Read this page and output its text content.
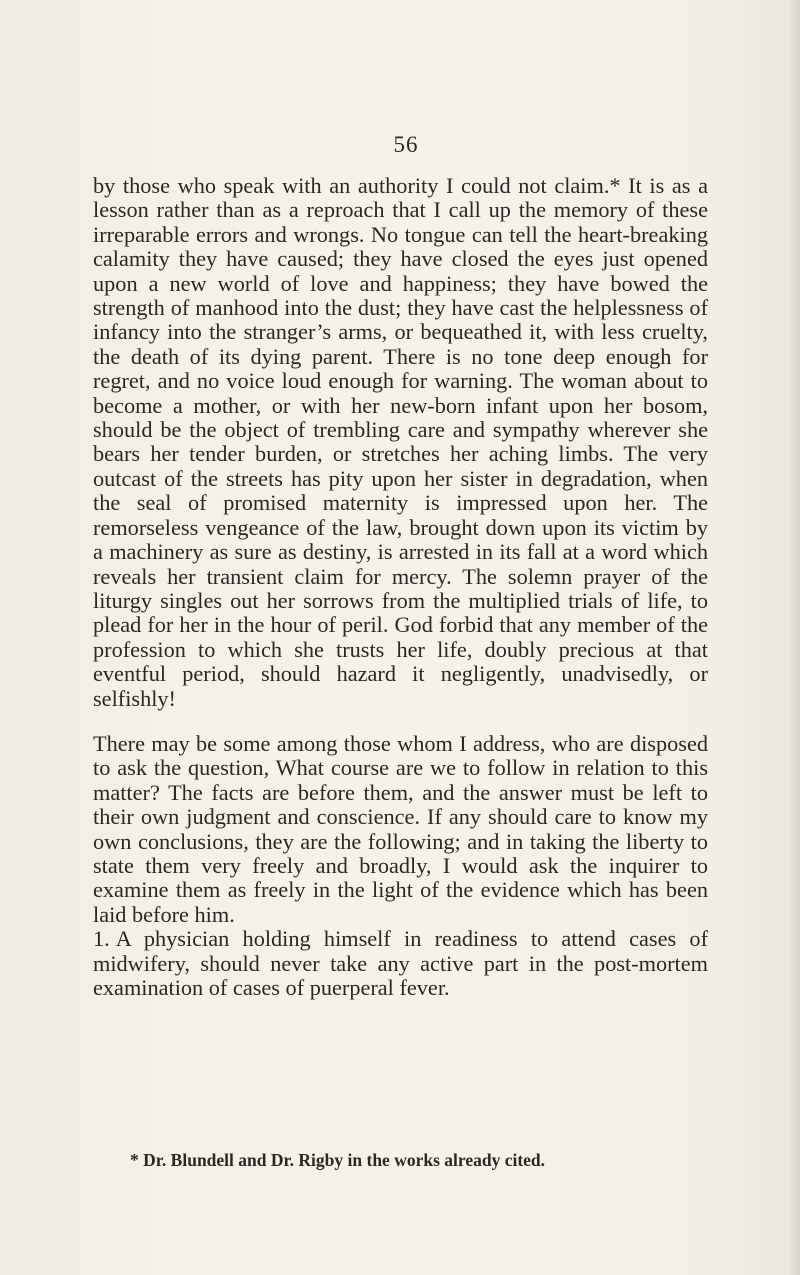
56

by those who speak with an authority I could not claim.* It is as a lesson rather than as a reproach that I call up the memory of these irreparable errors and wrongs. No tongue can tell the heart-breaking calamity they have caused; they have closed the eyes just opened upon a new world of love and happiness; they have bowed the strength of manhood into the dust; they have cast the helplessness of infancy into the stranger’s arms, or bequeathed it, with less cruelty, the death of its dying parent. There is no tone deep enough for regret, and no voice loud enough for warning. The woman about to become a mother, or with her new-born infant upon her bosom, should be the object of trembling care and sympathy wherever she bears her tender burden, or stretches her aching limbs. The very outcast of the streets has pity upon her sister in degradation, when the seal of promised maternity is impressed upon her. The remorseless vengeance of the law, brought down upon its victim by a machinery as sure as destiny, is arrested in its fall at a word which reveals her transient claim for mercy. The solemn prayer of the liturgy singles out her sorrows from the multiplied trials of life, to plead for her in the hour of peril. God forbid that any member of the profession to which she trusts her life, doubly precious at that eventful period, should hazard it negligently, unadvisedly, or selfishly!

There may be some among those whom I address, who are disposed to ask the question, What course are we to follow in relation to this matter? The facts are before them, and the answer must be left to their own judgment and conscience. If any should care to know my own conclusions, they are the following; and in taking the liberty to state them very freely and broadly, I would ask the inquirer to examine them as freely in the light of the evidence which has been laid before him.

1. A physician holding himself in readiness to attend cases of midwifery, should never take any active part in the post-mortem examination of cases of puerperal fever.

* Dr. Blundell and Dr. Rigby in the works already cited.
